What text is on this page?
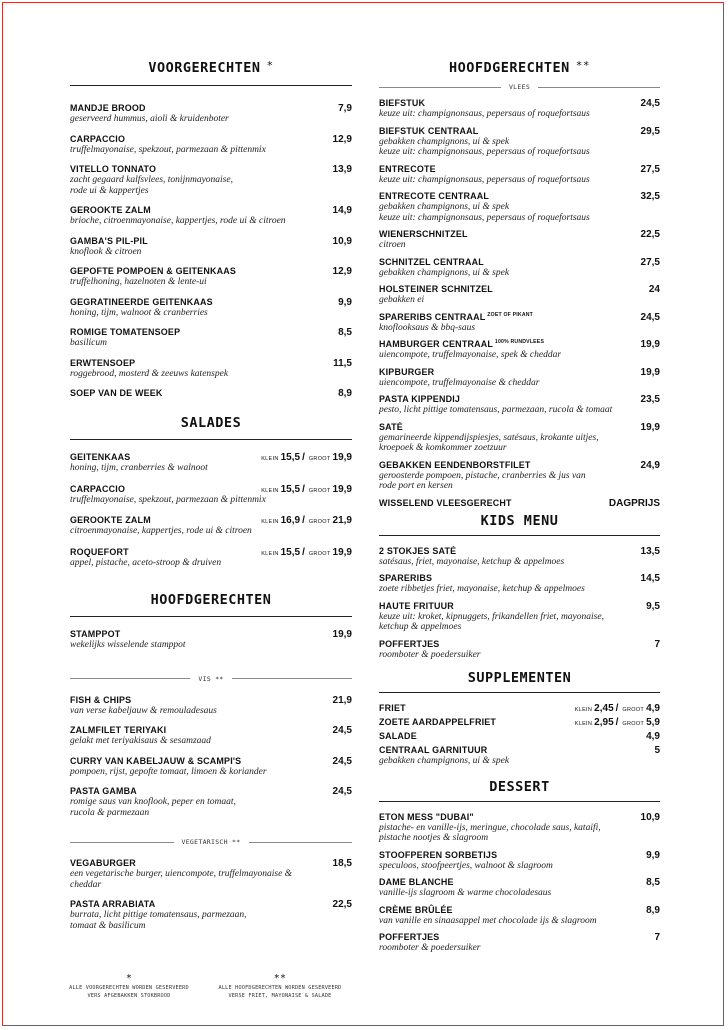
VOORGERECHTEN *
MANDJE BROOD	7,9
geserveerd hummus, aioli & kruidenboter
CARPACCIO	12,9
truffelmayonaise, spekzout, parmezaan & pittenmix
VITELLO TONNATO	13,9
zacht gegaard kalfsvlees, tonijnmayonaise,
rode ui & kappertjes
GEROOKTE ZALM	14,9
brioche, citroenmayonaise, kappertjes, rode ui & citroen
GAMBA'S PIL-PIL	10,9
knoflook & citroen
GEPOFTE POMPOEN & GEITENKAAS	12,9
truffelhoning, hazelnoten & lente-ui
GEGRATINEERDE GEITENKAAS	9,9
honing, tijm, walnoot & cranberries
ROMIGE TOMATENSOEP	8,5
basilicum
ERWTENSOEP	11,5
roggebrood, mosterd & zeeuws katenspek
SOEP VAN DE WEEK	8,9
SALADES
GEITENKAAS	KLEIN 15,5 / GROOT 19,9
honing, tijm, cranberries & walnoot
CARPACCIO	KLEIN 15,5 / GROOT 19,9
truffelmayonaise, spekzout, parmezaan & pittenmix
GEROOKTE ZALM	KLEIN 16,9 / GROOT 21,9
citroenmayonaise, kappertjes, rode ui & citroen
ROQUEFORT	KLEIN 15,5 / GROOT 19,9
appel, pistache, aceto-stroop & druiven
HOOFDGERECHTEN
STAMPPOT	19,9
wekelijks wisselende stamppot
VIS **
FISH & CHIPS	21,9
van verse kabeljauw & remouladesaus
ZALMFILET TERIYAKI	24,5
gelakt met teriyakisaus & sesamzaad
CURRY VAN KABELJAUW & SCAMPI'S	24,5
pompoen, rijst, gepofte tomaat, limoen & koriander
PASTA GAMBA	24,5
romige saus van knoflook, peper en tomaat,
rucola & parmezaan
VEGETARISCH **
VEGABURGER	18,5
een vegetarische burger, uiencompote, truffelmayonaise &
cheddar
PASTA ARRABIATA	22,5
burrata, licht pittige tomatensaus, parmezaan,
tomaat & basilicum
*
ALLE VOORGERECHTEN WORDEN GESERVEERD
VERS AFGEBAKKEN STOKBROOD
**
ALLE HOOFDGERECHTEN WORDEN GESERVEERD
VERSE FRIET, MAYONAISE & SALADE
HOOFDGERECHTEN **
VLEES
BIEFSTUK	24,5
keuze uit: champignonsaus, pepersaus of roquefortsaus
BIEFSTUK CENTRAAL	29,5
gebakken champignons, ui & spek
keuze uit: champignonsaus, pepersaus of roquefortsaus
ENTRECOTE	27,5
keuze uit: champignonsaus, pepersaus of roquefortsaus
ENTRECOTE CENTRAAL	32,5
gebakken champignons, ui & spek
keuze uit: champignonsaus, pepersaus of roquefortsaus
WIENERSCHNITZEL	22,5
citroen
SCHNITZEL CENTRAAL	27,5
gebakken champignons, ui & spek
HOLSTEINER SCHNITZEL	24
gebakken ei
SPARERIBS CENTRAAL $^{ZOET OF PIKANT}$	24,5
knoflooksaus & bbq-saus
HAMBURGER CENTRAAL $^{100\% RUNDVLEES}$	19,9
uiencompote, truffelmayonaise, spek & cheddar
KIPBURGER	19,9
uiencompote, truffelmayonaise & cheddar
PASTA KIPPENDIJ	23,5
pesto, licht pittige tomatensaus, parmezaan, rucola & tomaat
SATÉ	19,9
gemarineerde kippendijspiesjes, satésaus, krokante uitjes,
kroepoek & komkommer zoetzuur
GEBAKKEN EENDENBORSTFILET	24,9
geroosterde pompoen, pistache, cranberries & jus van
rode port en kersen
WISSELEND VLEESGERECHT	DAGPRIJS
KIDS MENU
2 STOKJES SATÉ	13,5
satésaus, friet, mayonaise, ketchup & appelmoes
SPARERIBS	14,5
zoete ribbetjes friet, mayonaise, ketchup & appelmoes
HAUTE FRITUUR	9,5
keuze uit: kroket, kipnuggets, frikandellen friet, mayonaise,
ketchup & appelmoes
POFFERTJES	7
roomboter & poedersuiker
SUPPLEMENTEN
FRIET	KLEIN 2,45 / GROOT 4,9
ZOETE AARDAPPELFRIET	KLEIN 2,95 / GROOT 5,9
SALADE	4,9
CENTRAAL GARNITUUR	5
gebakken champignons, ui & spek
DESSERT
ETON MESS "DUBAI"	10,9
pistache- en vanille-ijs, meringue, chocolade saus, kataifi,
pistache nootjes & slagroom
STOOFPEREN SORBETIJS	9,9
speculoos, stoofpeertjes, walnoot & slagroom
DAME BLANCHE	8,5
vanille-ijs slagroom & warme chocoladesaus
CRÈME BRÛLÉE	8,9
van vanille en sinaasappel met chocolade ijs & slagroom
POFFERTJES	7
roomboter & poedersuiker
